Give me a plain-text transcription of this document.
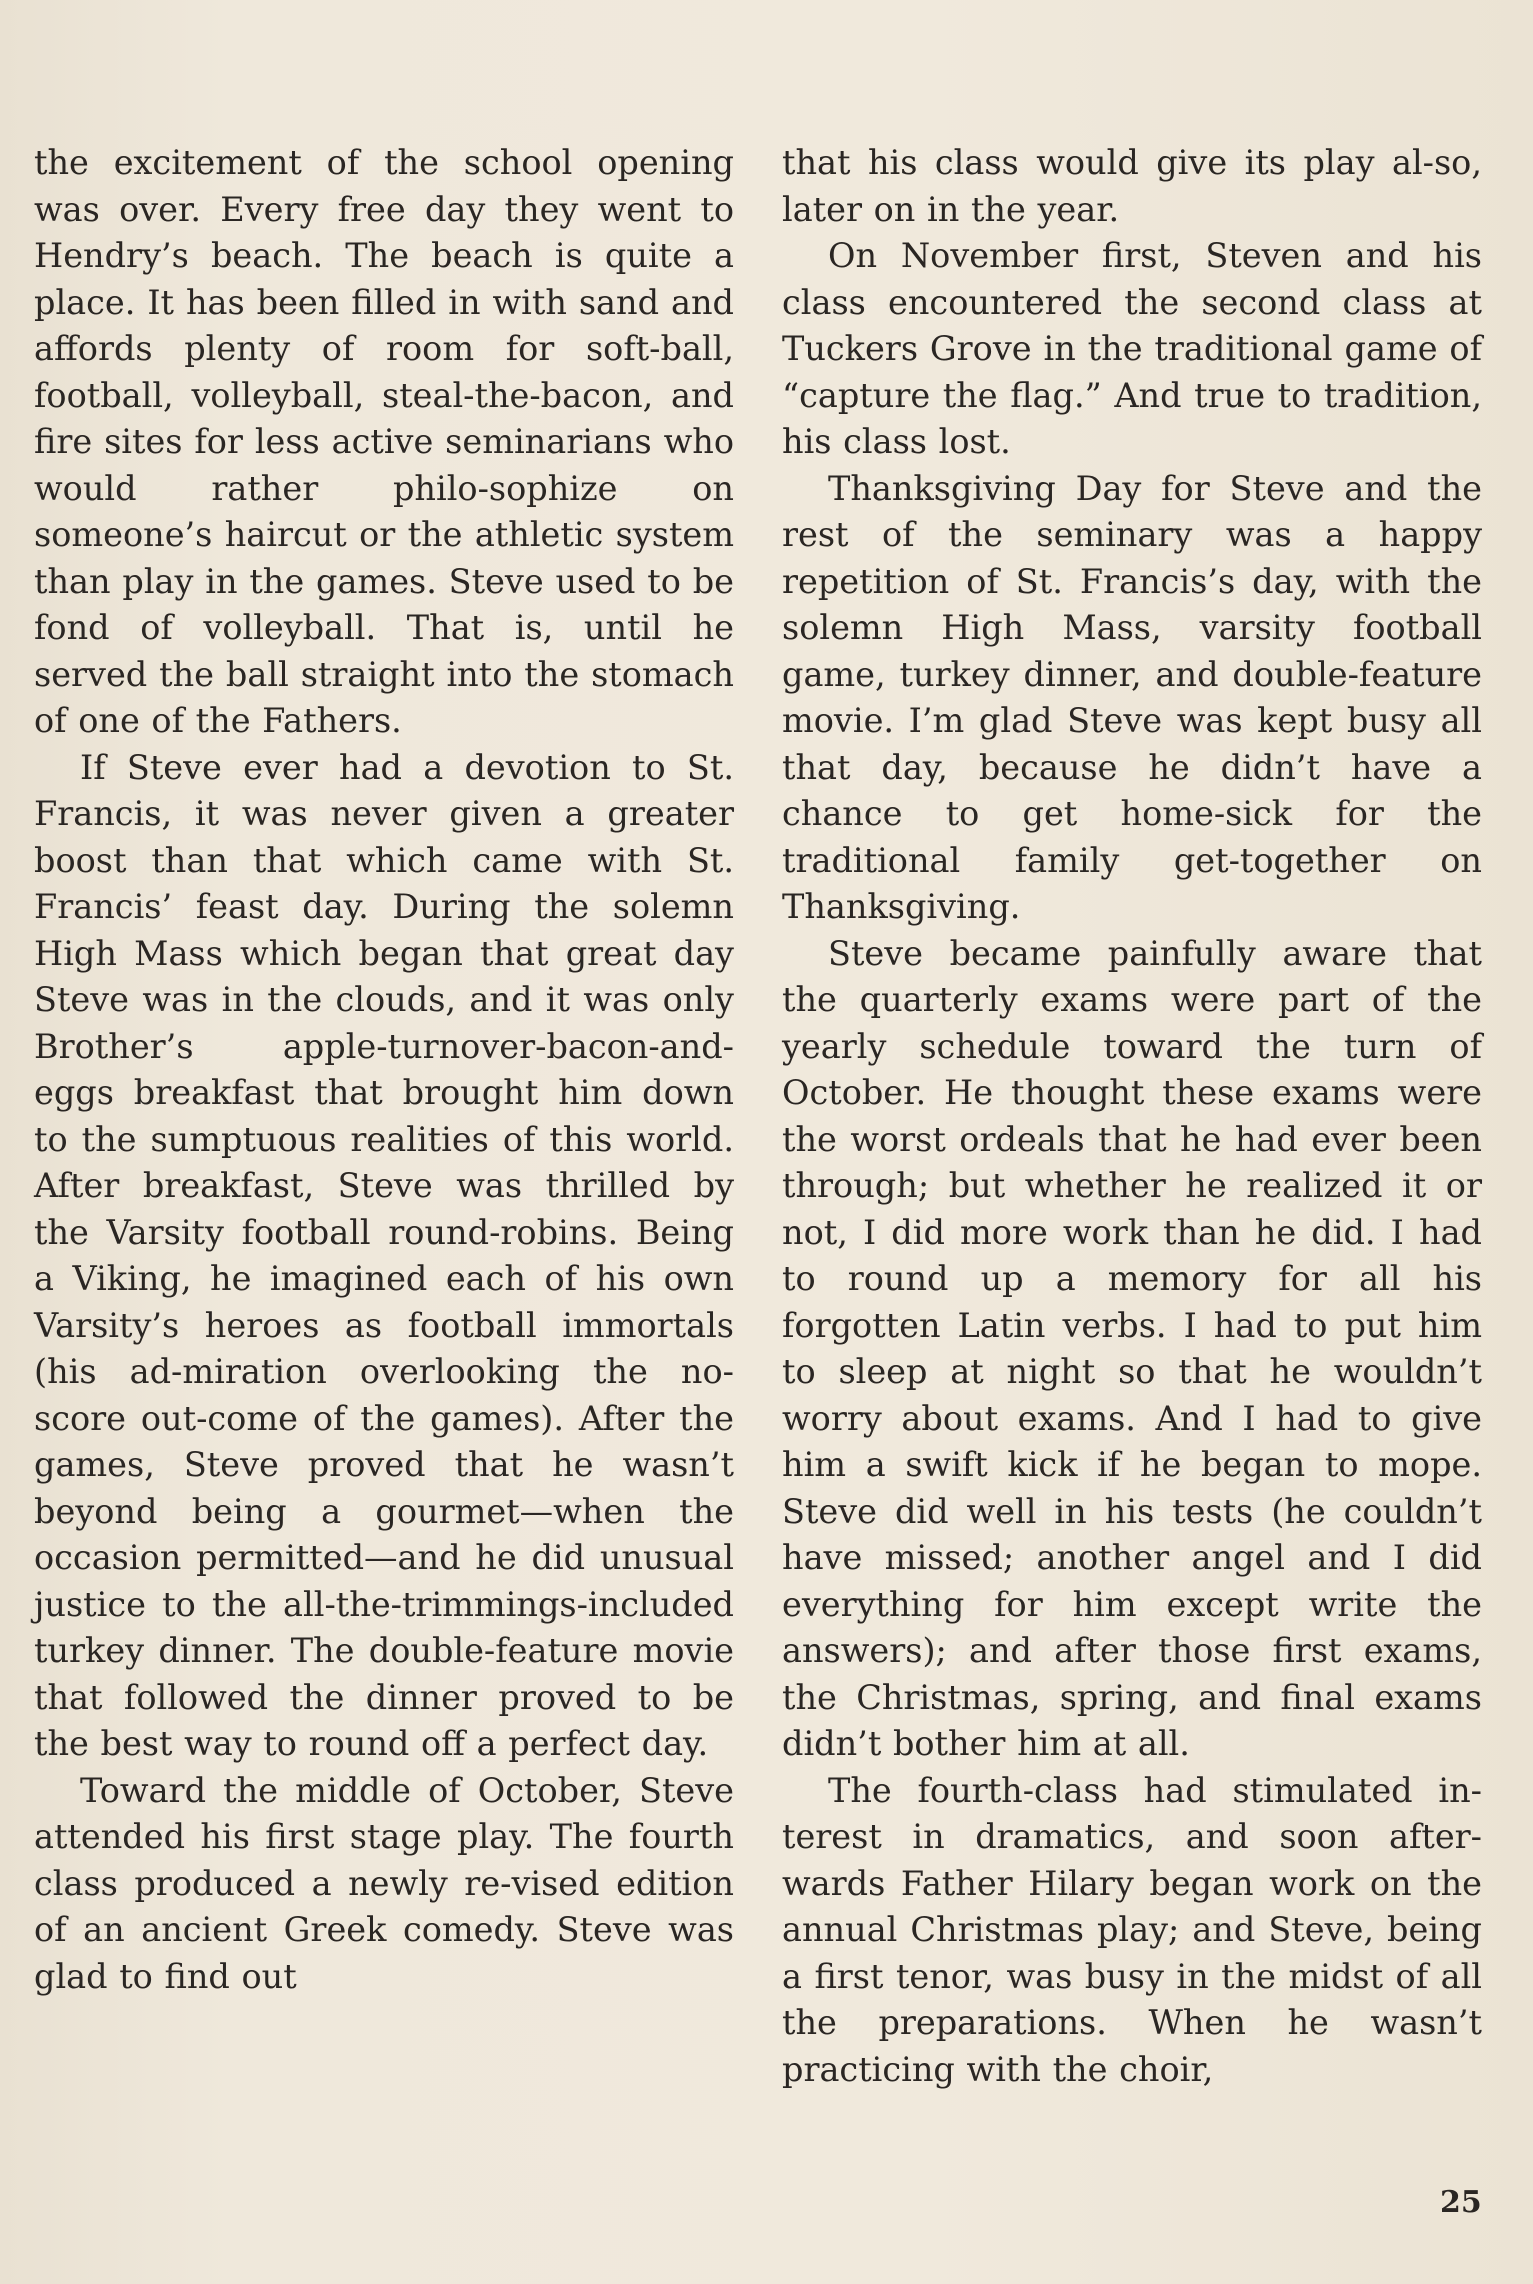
the excitement of the school opening was over. Every free day they went to Hendry’s beach. The beach is quite a place. It has been filled in with sand and affords plenty of room for soft-ball, football, volleyball, steal-the-bacon, and fire sites for less active seminarians who would rather philo-sophize on someone’s haircut or the athletic system than play in the games. Steve used to be fond of volleyball. That is, until he served the ball straight into the stomach of one of the Fathers.

If Steve ever had a devotion to St. Francis, it was never given a greater boost than that which came with St. Francis’ feast day. During the solemn High Mass which began that great day Steve was in the clouds, and it was only Brother’s apple-turnover-bacon-and-eggs breakfast that brought him down to the sumptuous realities of this world. After breakfast, Steve was thrilled by the Varsity football round-robins. Being a Viking, he imagined each of his own Varsity’s heroes as football immortals (his ad-miration overlooking the no-score out-come of the games). After the games, Steve proved that he wasn’t beyond being a gourmet—when the occasion permitted—and he did unusual justice to the all-the-trimmings-included turkey dinner. The double-feature movie that followed the dinner proved to be the best way to round off a perfect day.

Toward the middle of October, Steve attended his first stage play. The fourth class produced a newly re-vised edition of an ancient Greek comedy. Steve was glad to find out

that his class would give its play al-so, later on in the year.

On November first, Steven and his class encountered the second class at Tuckers Grove in the traditional game of “capture the flag.” And true to tradition, his class lost.

Thanksgiving Day for Steve and the rest of the seminary was a happy repetition of St. Francis’s day, with the solemn High Mass, varsity football game, turkey dinner, and double-feature movie. I’m glad Steve was kept busy all that day, because he didn’t have a chance to get home-sick for the traditional family get-together on Thanksgiving.

Steve became painfully aware that the quarterly exams were part of the yearly schedule toward the turn of October. He thought these exams were the worst ordeals that he had ever been through; but whether he realized it or not, I did more work than he did. I had to round up a memory for all his forgotten Latin verbs. I had to put him to sleep at night so that he wouldn’t worry about exams. And I had to give him a swift kick if he began to mope. Steve did well in his tests (he couldn’t have missed; another angel and I did everything for him except write the answers); and after those first exams, the Christmas, spring, and final exams didn’t bother him at all.

The fourth-class had stimulated in-terest in dramatics, and soon after-wards Father Hilary began work on the annual Christmas play; and Steve, being a first tenor, was busy in the midst of all the preparations. When he wasn’t practicing with the choir,

25
